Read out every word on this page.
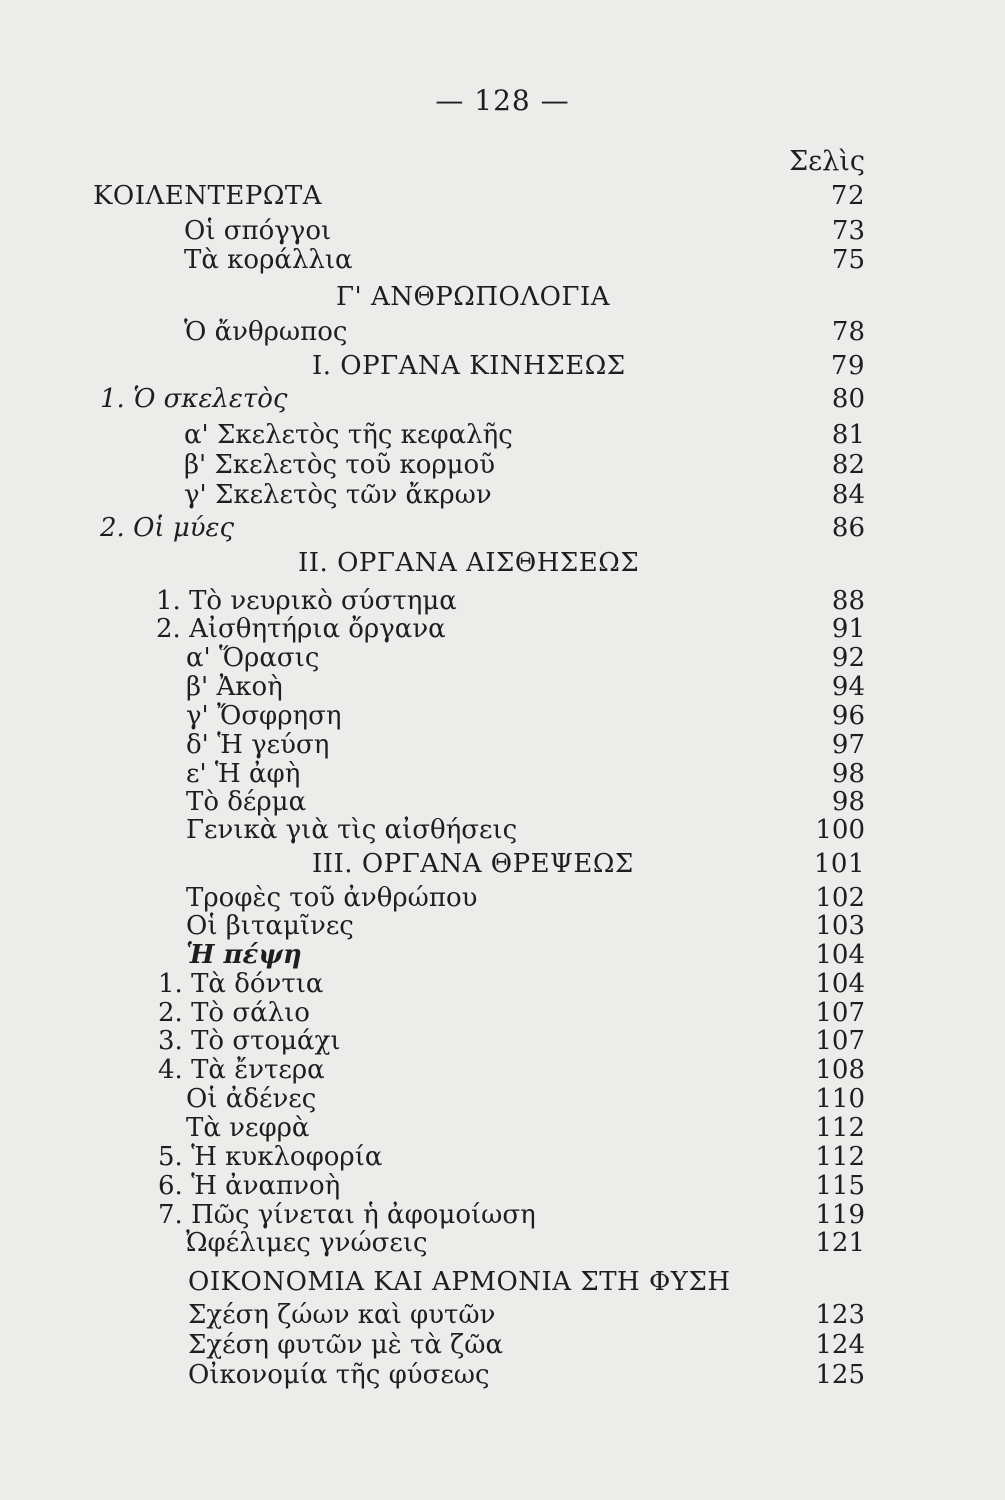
— 128 —
Σελὶς
ΚΟΙΛΕΝΤΕΡΩΤΑ	72
Οἱ σπόγγοι	73
Τὰ κοράλλια	75
Γ' ΑΝΘΡΩΠΟΛΟΓΙΑ
Ὁ ἄνθρωπος	78
I. ΟΡΓΑΝΑ ΚΙΝΗΣΕΩΣ	79
1. Ὁ σκελετὸς	80
α' Σκελετὸς τῆς κεφαλῆς	81
β' Σκελετὸς τοῦ κορμοῦ	82
γ' Σκελετὸς τῶν ἄκρων	84
2. Οἱ μύες	86
II. ΟΡΓΑΝΑ ΑΙΣΘΗΣΕΩΣ
1. Τὸ νευρικὸ σύστημα	88
2. Αἰσθητήρια ὄργανα	91
α' Ὅρασις	92
β' Ἀκοὴ	94
γ' Ὄσφρηση	96
δ' Ἡ γεύση	97
ε' Ἡ ἀφὴ	98
Τὸ δέρμα	98
Γενικὰ γιὰ τὶς αἰσθήσεις	100
III. ΟΡΓΑΝΑ ΘΡΕΨΕΩΣ	101
Τροφὲς τοῦ ἀνθρώπου	102
Οἱ βιταμῖνες	103
Ἡ πέψη	104
1. Τὰ δόντια	104
2. Τὸ σάλιο	107
3. Τὸ στομάχι	107
4. Τὰ ἔντερα	108
Οἱ ἀδένες	110
Τὰ νεφρὰ	112
5. Ἡ κυκλοφορία	112
6. Ἡ ἀναπνοὴ	115
7. Πῶς γίνεται ἡ ἀφομοίωση	119
Ὠφέλιμες γνώσεις	121
ΟΙΚΟΝΟΜΙΑ ΚΑΙ ΑΡΜΟΝΙΑ ΣΤΗ ΦΥΣΗ
Σχέση ζώων καὶ φυτῶν	123
Σχέση φυτῶν μὲ τὰ ζῶα	124
Οἰκονομία τῆς φύσεως	125
